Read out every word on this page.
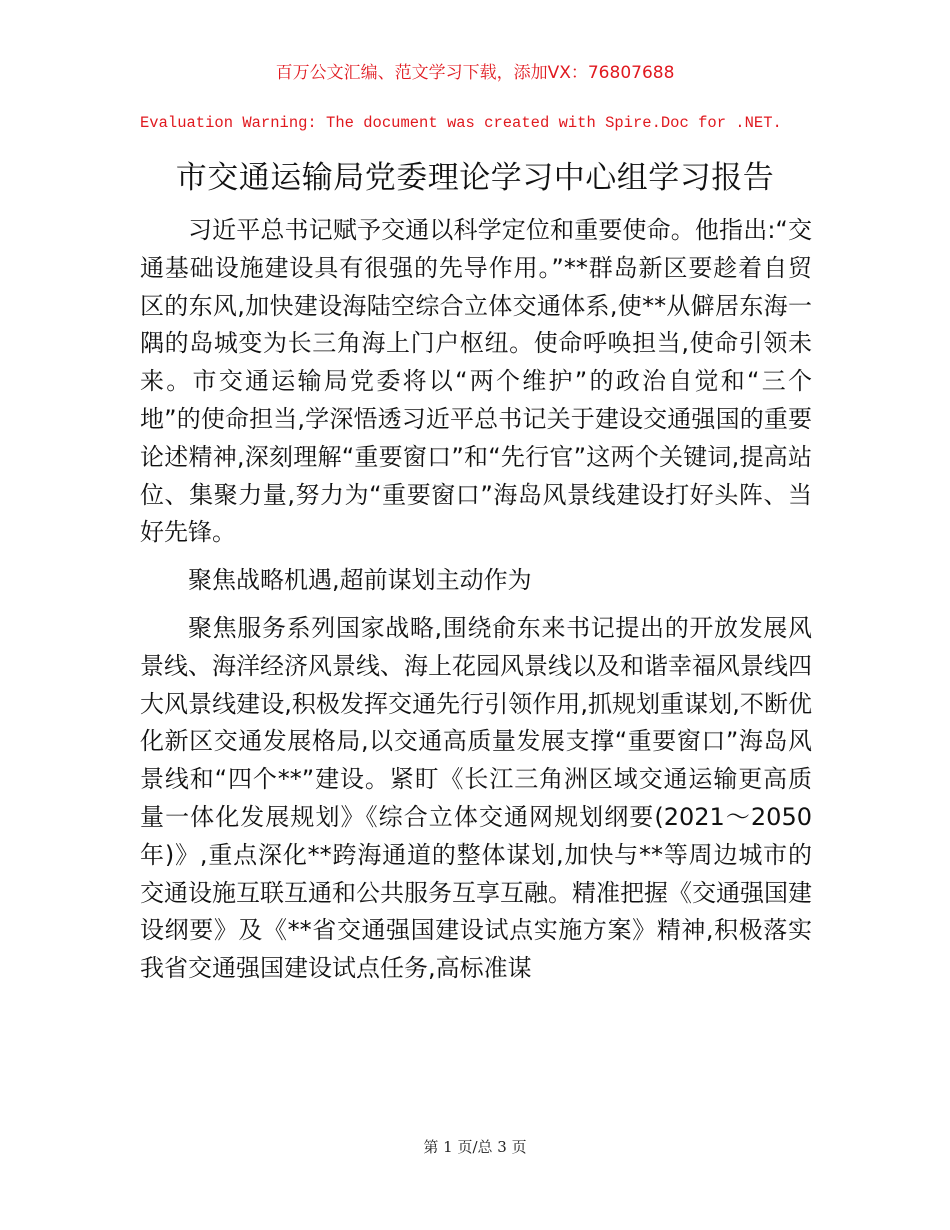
百万公文汇编、范文学习下载，添加VX：76807688
Evaluation Warning: The document was created with Spire.Doc for .NET.
市交通运输局党委理论学习中心组学习报告

习近平总书记赋予交通以科学定位和重要使命。他指出:“交通基础设施建设具有很强的先导作用。”**群岛新区要趁着自贸区的东风,加快建设海陆空综合立体交通体系,使**从僻居东海一隅的岛城变为长三角海上门户枢纽。使命呼唤担当,使命引领未来。市交通运输局党委将以“两个维护”的政治自觉和“三个地”的使命担当,学深悟透习近平总书记关于建设交通强国的重要论述精神,深刻理解“重要窗口”和“先行官”这两个关键词,提高站位、集聚力量,努力为“重要窗口”海岛风景线建设打好头阵、当好先锋。

聚焦战略机遇,超前谋划主动作为

聚焦服务系列国家战略,围绕俞东来书记提出的开放发展风景线、海洋经济风景线、海上花园风景线以及和谐幸福风景线四大风景线建设,积极发挥交通先行引领作用,抓规划重谋划,不断优化新区交通发展格局,以交通高质量发展支撑“重要窗口”海岛风景线和“四个**”建设。紧盯《长江三角洲区域交通运输更高质量一体化发展规划》《综合立体交通网规划纲要(2021～2050年)》,重点深化**跨海通道的整体谋划,加快与**等周边城市的交通设施互联互通和公共服务互享互融。精准把握《交通强国建设纲要》及《**省交通强国建设试点实施方案》精神,积极落实我省交通强国建设试点任务,高标准谋

第 1 页/总 3 页
